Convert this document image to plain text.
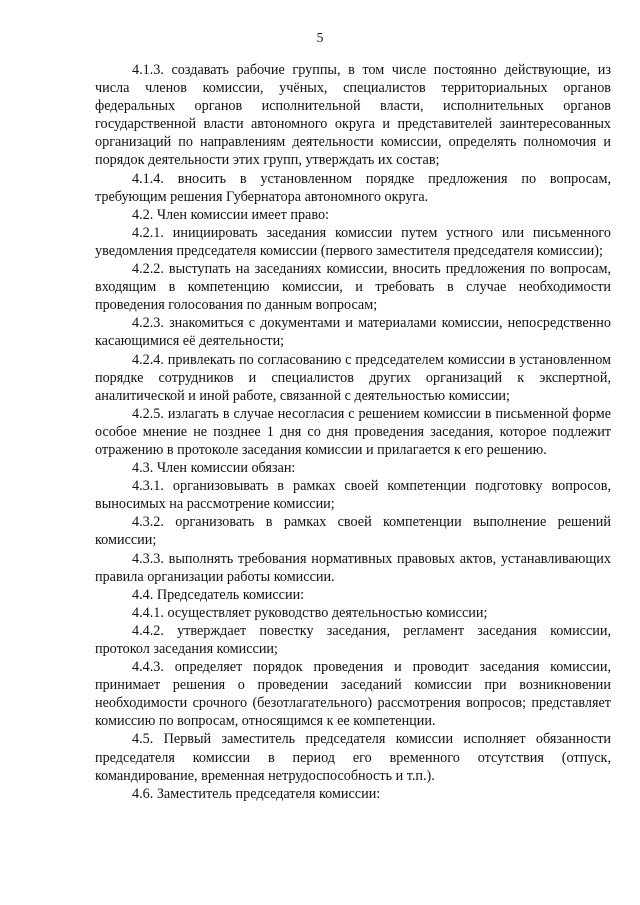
5

4.1.3. создавать рабочие группы, в том числе постоянно действующие, из числа членов комиссии, учёных, специалистов территориальных органов федеральных органов исполнительной власти, исполнительных органов государственной власти автономного округа и представителей заинтересованных организаций по направлениям деятельности комиссии, определять полномочия и порядок деятельности этих групп, утверждать их состав;

4.1.4. вносить в установленном порядке предложения по вопросам, требующим решения Губернатора автономного округа.

4.2. Член комиссии имеет право:

4.2.1. инициировать заседания комиссии путем устного или письменного уведомления председателя комиссии (первого заместителя председателя комиссии);

4.2.2. выступать на заседаниях комиссии, вносить предложения по вопросам, входящим в компетенцию комиссии, и требовать в случае необходимости проведения голосования по данным вопросам;

4.2.3. знакомиться с документами и материалами комиссии, непосредственно касающимися её деятельности;

4.2.4. привлекать по согласованию с председателем комиссии в установленном порядке сотрудников и специалистов других организаций к экспертной, аналитической и иной работе, связанной с деятельностью комиссии;

4.2.5. излагать в случае несогласия с решением комиссии в письменной форме особое мнение не позднее 1 дня со дня проведения заседания, которое подлежит отражению в протоколе заседания комиссии и прилагается к его решению.

4.3. Член комиссии обязан:

4.3.1. организовывать в рамках своей компетенции подготовку вопросов, выносимых на рассмотрение комиссии;

4.3.2. организовать в рамках своей компетенции выполнение решений комиссии;

4.3.3. выполнять требования нормативных правовых актов, устанавливающих правила организации работы комиссии.

4.4. Председатель комиссии:

4.4.1. осуществляет руководство деятельностью комиссии;

4.4.2. утверждает повестку заседания, регламент заседания комиссии, протокол заседания комиссии;

4.4.3. определяет порядок проведения и проводит заседания комиссии, принимает решения о проведении заседаний комиссии при возникновении необходимости срочного (безотлагательного) рассмотрения вопросов; представляет комиссию по вопросам, относящимся к ее компетенции.

4.5. Первый заместитель председателя комиссии исполняет обязанности председателя комиссии в период его временного отсутствия (отпуск, командирование, временная нетрудоспособность и т.п.).

4.6. Заместитель председателя комиссии:
